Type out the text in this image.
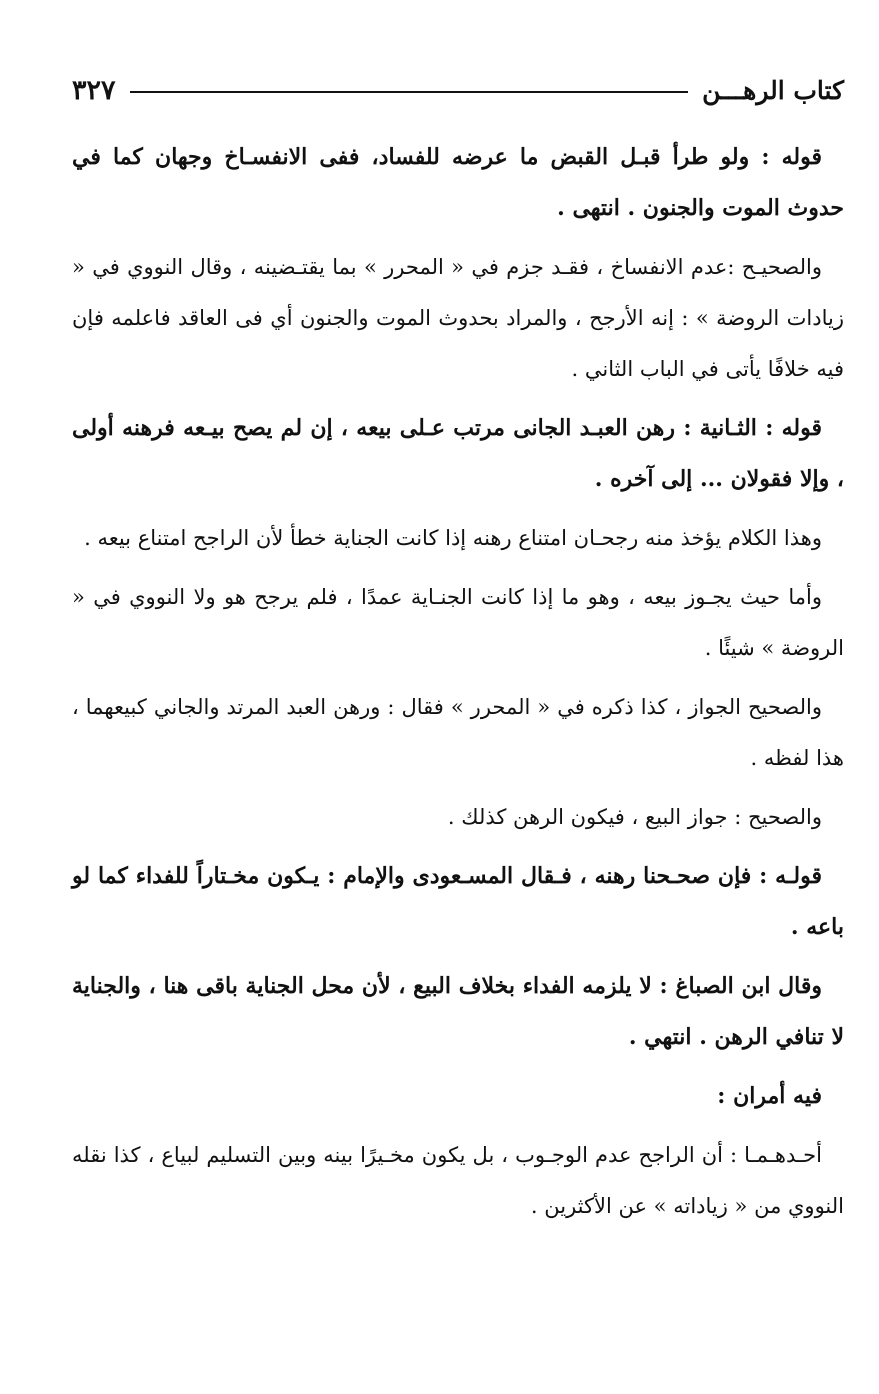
كتاب الرهـــن
٣٢٧

قوله : ولو طرأ قبـل القبض ما عرضه للفساد، ففى الانفسـاخ وجهان كما في حدوث الموت والجنون . انتهى .

والصحيـح :عدم الانفساخ ، فقـد جزم في « المحرر » بما يقتـضينه ، وقال النووي في « زيادات الروضة » : إنه الأرجح ، والمراد بحدوث الموت والجنون أي فى العاقد فاعلمه فإن فيه خلافًا يأتى في الباب الثاني .

قوله : الثـانية : رهن العبـد الجانى مرتب عـلى بيعه ، إن لم يصح بيـعه فرهنه أولى ، وإلا فقولان ... إلى آخره .

وهذا الكلام يؤخذ منه رجحـان امتناع رهنه إذا كانت الجناية خطأ لأن الراجح امتناع بيعه .

وأما حيث يجـوز بيعه ، وهو ما إذا كانت الجنـاية عمدًا ، فلم يرجح هو ولا النووي في « الروضة » شيئًا .

والصحيح الجواز ، كذا ذكره في « المحرر » فقال : ورهن العبد المرتد والجاني كبيعهما ، هذا لفظه .

والصحيح : جواز البيع ، فيكون الرهن كذلك .

قولـه : فإن صحـحنا رهنه ، فـقال المسـعودى والإمام : يـكون مخـتاراً للفداء كما لو باعه .

وقال ابن الصباغ : لا يلزمه الفداء بخلاف البيع ، لأن محل الجناية باقى هنا ، والجناية لا تنافي الرهن . انتهي .

فيه أمران :

أحـدهـمـا : أن الراجح عدم الوجـوب ، بل يكون مخـيرًا بينه وبين التسليم لبياع ، كذا نقله النووي من « زياداته » عن الأكثرين .
